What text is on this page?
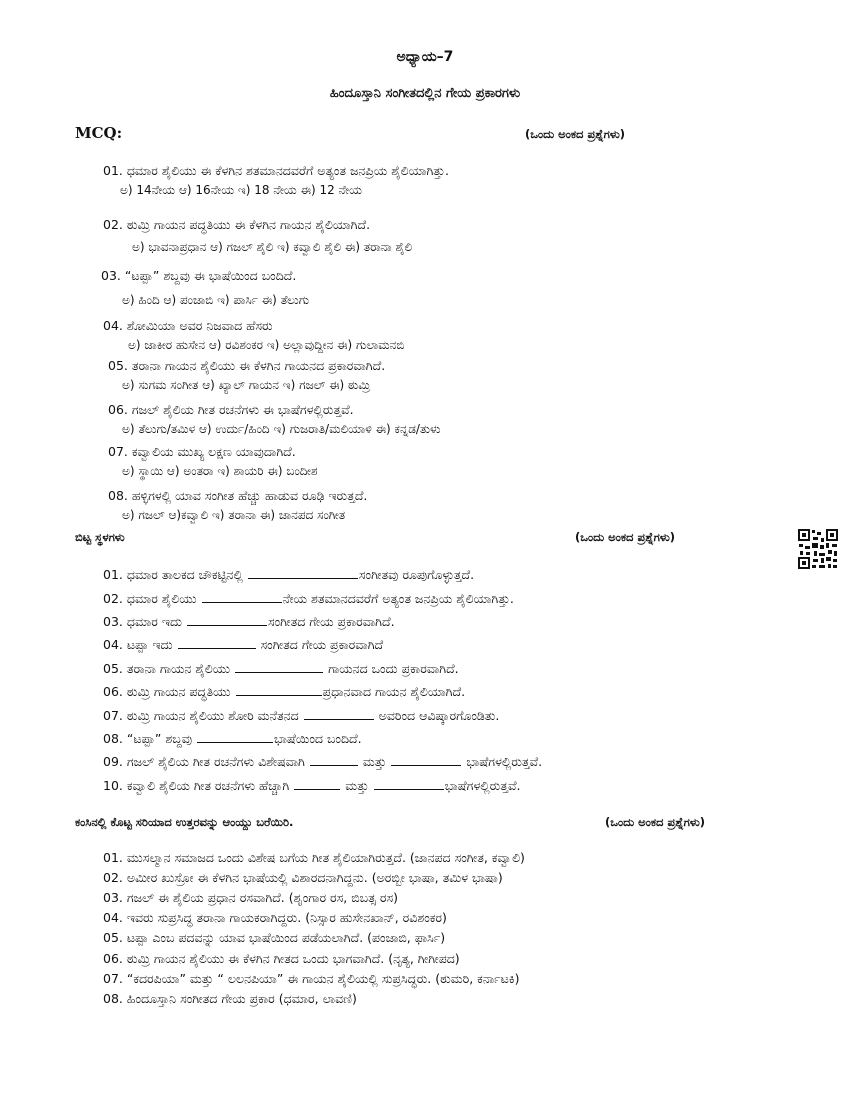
ಅಧ್ಯಾಯ–7
ಹಿಂದೂಸ್ತಾನಿ ಸಂಗೀತದಲ್ಲಿನ ಗೇಯ ಪ್ರಕಾರಗಳು
MCQ:	(ಒಂದು ಅಂಕದ ಪ್ರಶ್ನೆಗಳು)
01. ಧಮಾರ ಶೈಲಿಯು ಈ ಕೆಳಗಿನ ಶತಮಾನದವರೆಗೆ ಅತ್ಯಂತ ಜನಪ್ರಿಯ ಶೈಲಿಯಾಗಿತ್ತು.
ಅ) 14ನೇಯ ಆ) 16ನೇಯ ಇ) 18 ನೇಯ ಈ) 12 ನೇಯ
02. ಠುಮ್ರಿ ಗಾಯನ ಪದ್ಧತಿಯು ಈ ಕೆಳಗಿನ ಗಾಯನ ಶೈಲಿಯಾಗಿದೆ.
ಅ) ಭಾವನಾಪ್ರಧಾನ ಆ) ಗಜಲ್ ಶೈಲಿ ಇ) ಕವ್ವಾಲಿ ಶೈಲಿ ಈ) ತರಾನಾ ಶೈಲಿ
03. “ಟಪ್ಪಾ” ಶಬ್ದವು ಈ ಭಾಷೆಯಿಂದ ಬಂದಿದೆ.
ಅ) ಹಿಂದಿ ಆ) ಪಂಜಾಬಿ ಇ) ಪಾರ್ಸಿ ಈ) ತೆಲುಗು
04. ಶೋಮಿಯಾ ಅವರ ನಿಜವಾದ ಹೆಸರು
ಅ) ಜಾಕೀರ ಹುಸೇನ ಆ) ರವಿಶಂಕರ ಇ) ಅಲ್ಲಾವುದ್ದೀನ ಈ) ಗುಲಾಮನಬಿ
05. ತರಾನಾ ಗಾಯನ ಶೈಲಿಯು ಈ ಕೆಳಗಿನ ಗಾಯನದ ಪ್ರಕಾರವಾಗಿದೆ.
ಅ) ಸುಗಮ ಸಂಗೀತ ಆ) ಖ್ಯಾಲ್ ಗಾಯನ ಇ) ಗಜಲ್ ಈ) ಠುಮ್ರಿ
06. ಗಜಲ್ ಶೈಲಿಯ ಗೀತ ರಚನೆಗಳು ಈ ಭಾಷೆಗಳಲ್ಲಿರುತ್ತವೆ.
ಅ) ತೆಲುಗು/ತಮಿಳ ಆ) ಉರ್ದು/ಹಿಂದಿ ಇ) ಗುಜರಾತಿ/ಮಲಿಯಾಳಿ ಈ) ಕನ್ನಡ/ತುಳು
07. ಕವ್ವಾಲಿಯ ಮುಖ್ಯ ಲಕ್ಷಣ ಯಾವುದಾಗಿದೆ.
ಅ) ಸ್ಥಾಯಿ ಆ) ಅಂತರಾ ಇ) ಶಾಯರಿ ಈ) ಬಂದೀಶ
08. ಹಳ್ಳಿಗಳಲ್ಲಿ ಯಾವ ಸಂಗೀತ ಹೆಚ್ಚು ಹಾಡುವ ರೂಢಿ ಇರುತ್ತದೆ.
ಅ) ಗಜಲ್ ಆ)ಕವ್ವಾಲಿ ಇ) ತರಾನಾ ಈ) ಜಾನಪದ ಸಂಗೀತ
ಬಿಟ್ಟ ಸ್ಥಳಗಳು	(ಒಂದು ಅಂಕದ ಪ್ರಶ್ನೆಗಳು)
01. ಧಮಾರ ತಾಲಕದ ಚೌಕಟ್ಟಿನಲ್ಲಿ	ಸಂಗೀತವು ರೂಪುಗೊಳ್ಳುತ್ತದೆ.
02. ಧಮಾರ ಶೈಲಿಯು	ನೇಯ ಶತಮಾನದವರೆಗೆ ಅತ್ಯಂತ ಜನಪ್ರಿಯ ಶೈಲಿಯಾಗಿತ್ತು.
03. ಧಮಾರ ಇದು	ಸಂಗೀತದ ಗೇಯ ಪ್ರಕಾರವಾಗಿದೆ.
04. ಟಪ್ಪಾ ಇದು	ಸಂಗೀತದ ಗೇಯ ಪ್ರಕಾರವಾಗಿದೆ
05. ತರಾನಾ ಗಾಯನ ಶೈಲಿಯು	ಗಾಯನದ ಒಂದು ಪ್ರಕಾರವಾಗಿದೆ.
06. ಠುಮ್ರಿ ಗಾಯನ ಪದ್ಧತಿಯು	ಪ್ರಧಾನವಾದ ಗಾಯನ ಶೈಲಿಯಾಗಿದೆ.
07. ಠುಮ್ರಿ ಗಾಯನ ಶೈಲಿಯು ಶೋರಿ ಮನೆತನದ	ಅವರಿಂದ ಆವಿಷ್ಕಾರಗೊಂಡಿತು.
08. “ಟಪ್ಪಾ” ಶಬ್ದವು	ಭಾಷೆಯಿಂದ ಬಂದಿದೆ.
09. ಗಜಲ್ ಶೈಲಿಯ ಗೀತ ರಚನೆಗಳು ವಿಶೇಷವಾಗಿ	ಮತ್ತು	ಭಾಷೆಗಳಲ್ಲಿರುತ್ತವೆ.
10. ಕವ್ವಾಲಿ ಶೈಲಿಯ ಗೀತ ರಚನೆಗಳು ಹೆಚ್ಚಾಗಿ	ಮತ್ತು	ಭಾಷೆಗಳಲ್ಲಿರುತ್ತವೆ.
ಕಂಸಿನಲ್ಲಿ ಕೊಟ್ಟ ಸರಿಯಾದ ಉತ್ತರವನ್ನು ಆಂಯ್ದು ಬರೆಯಿರಿ.	(ಒಂದು ಅಂಕದ ಪ್ರಶ್ನೆಗಳು)
01. ಮುಸಲ್ಮಾನ ಸಮಾಜದ ಒಂದು ವಿಶೇಷ ಬಗೆಯ ಗೀತ ಶೈಲಿಯಾಗಿರುತ್ತದೆ. (ಜಾನಪದ ಸಂಗೀತ, ಕವ್ವಾಲಿ)
02. ಅಮೀರ ಖುಸ್ರೋ ಈ ಕೆಳಗಿನ ಭಾಷೆಯಲ್ಲಿ ವಿಶಾರದನಾಗಿದ್ದನು. (ಅರಬ್ಬೀ ಭಾಷಾ, ತಮಿಳ ಭಾಷಾ)
03. ಗಜಲ್ ಈ ಶೈಲಿಯ ಪ್ರಧಾನ ರಸವಾಗಿದೆ. (ಶೃಂಗಾರ ರಸ, ಬಿಬತ್ಸ ರಸ)
04. ಇವರು ಸುಪ್ರಸಿದ್ಧ ತರಾನಾ ಗಾಯಕರಾಗಿದ್ದರು. (ನಿಸ್ಸಾರ ಹುಸೇನಖಾನ್, ರವಿಶಂಕರ)
05. ಟಪ್ಪಾ ಎಂಬ ಪದವನ್ನು ಯಾವ ಭಾಷೆಯಿಂದ ಪಡೆಯಲಾಗಿದೆ. (ಪಂಜಾಬಿ, ಫಾರ್ಸಿ)
06. ಠುಮ್ರಿ ಗಾಯನ ಶೈಲಿಯು ಈ ಕೆಳಗಿನ ಗೀತದ ಒಂದು ಭಾಗವಾಗಿದೆ. (ನೃತ್ಯ, ಗೀಗೀಪದ)
07. “ಕದರಪಿಯಾ” ಮತ್ತು “ ಲಲನಪಿಯಾ” ಈ ಗಾಯನ ಶೈಲಿಯಲ್ಲಿ ಸುಪ್ರಸಿದ್ಧರು. (ಠುಮರಿ, ಕರ್ನಾಟಕಿ)
08. ಹಿಂದೂಸ್ತಾನಿ ಸಂಗೀತದ ಗೇಯ ಪ್ರಕಾರ (ಧಮಾರ, ಲಾವಣಿ)
